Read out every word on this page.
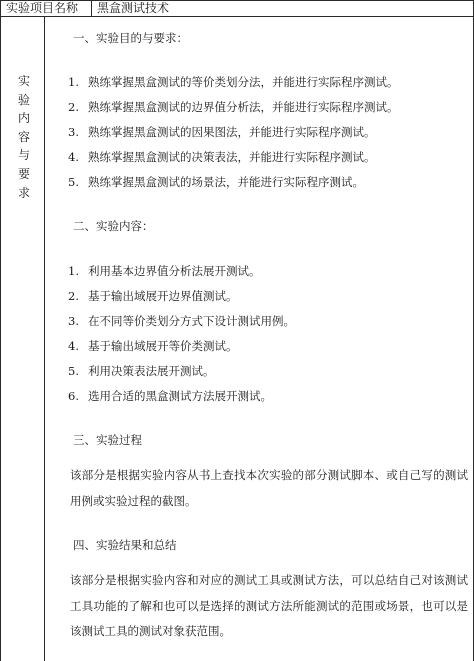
实验项目名称 黑盒测试技术
实
验
内
容
与
要
求
一、实验目的与要求：
1. 熟练掌握黑盒测试的等价类划分法，并能进行实际程序测试。
2. 熟练掌握黑盒测试的边界值分析法，并能进行实际程序测试。
3. 熟练掌握黑盒测试的因果图法，并能进行实际程序测试。
4. 熟练掌握黑盒测试的决策表法，并能进行实际程序测试。
5. 熟练掌握黑盒测试的场景法，并能进行实际程序测试。
二、实验内容：
1. 利用基本边界值分析法展开测试。
2. 基于输出域展开边界值测试。
3. 在不同等价类划分方式下设计测试用例。
4. 基于输出域展开等价类测试。
5. 利用决策表法展开测试。
6. 选用合适的黑盒测试方法展开测试。
三、实验过程
该部分是根据实验内容从书上查找本次实验的部分测试脚本、或自己写的测试用例或实验过程的截图。
四、实验结果和总结
该部分是根据实验内容和对应的测试工具或测试方法，可以总结自己对该测试工具功能的了解和也可以是选择的测试方法所能测试的范围或场景，也可以是该测试工具的测试对象获范围。
